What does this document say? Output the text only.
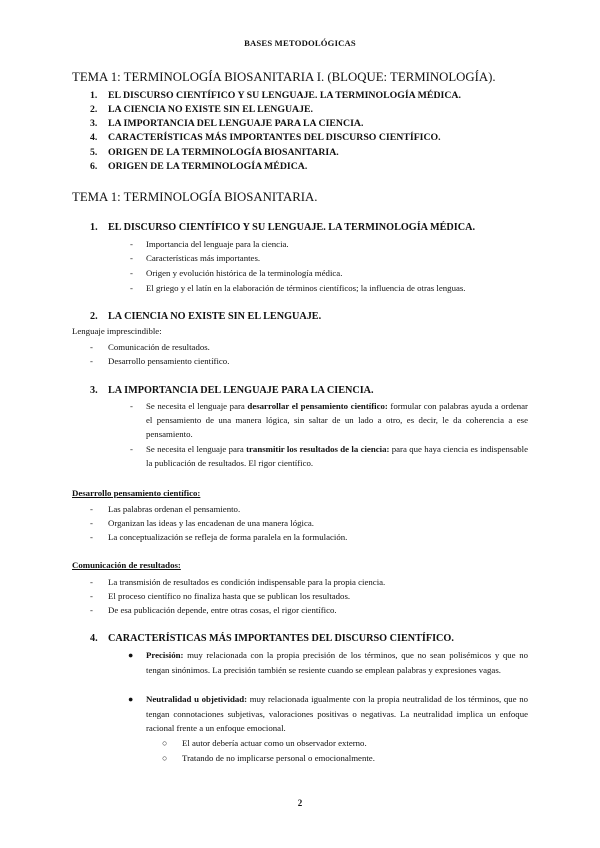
BASES METODOLÓGICAS
TEMA 1: TERMINOLOGÍA BIOSANITARIA I. (BLOQUE: TERMINOLOGÍA).
1. EL DISCURSO CIENTÍFICO Y SU LENGUAJE. LA TERMINOLOGÍA MÉDICA.
2. LA CIENCIA NO EXISTE SIN EL LENGUAJE.
3. LA IMPORTANCIA DEL LENGUAJE PARA LA CIENCIA.
4. CARACTERÍSTICAS MÁS IMPORTANTES DEL DISCURSO CIENTÍFICO.
5. ORIGEN DE LA TERMINOLOGÍA BIOSANITARIA.
6. ORIGEN DE LA TERMINOLOGÍA MÉDICA.
TEMA 1: TERMINOLOGÍA BIOSANITARIA.
1. EL DISCURSO CIENTÍFICO Y SU LENGUAJE. LA TERMINOLOGÍA MÉDICA.
-	Importancia del lenguaje para la ciencia.
-	Características más importantes.
-	Origen y evolución histórica de la terminología médica.
-	El griego y el latín en la elaboración de términos científicos; la influencia de otras lenguas.
2. LA CIENCIA NO EXISTE SIN EL LENGUAJE.
Lenguaje imprescindible:
-	Comunicación de resultados.
-	Desarrollo pensamiento científico.
3. LA IMPORTANCIA DEL LENGUAJE PARA LA CIENCIA.
-	Se necesita el lenguaje para desarrollar el pensamiento científico: formular con palabras ayuda a ordenar el pensamiento de una manera lógica, sin saltar de un lado a otro, es decir, le da coherencia a ese pensamiento.
-	Se necesita el lenguaje para transmitir los resultados de la ciencia: para que haya ciencia es indispensable la publicación de resultados. El rigor científico.
Desarrollo pensamiento científico:
-	Las palabras ordenan el pensamiento.
-	Organizan las ideas y las encadenan de una manera lógica.
-	La conceptualización se refleja de forma paralela en la formulación.
Comunicación de resultados:
-	La transmisión de resultados es condición indispensable para la propia ciencia.
-	El proceso científico no finaliza hasta que se publican los resultados.
-	De esa publicación depende, entre otras cosas, el rigor científico.
4. CARACTERÍSTICAS MÁS IMPORTANTES DEL DISCURSO CIENTÍFICO.
●	Precisión: muy relacionada con la propia precisión de los términos, que no sean polisémicos y que no tengan sinónimos. La precisión también se resiente cuando se emplean palabras y expresiones vagas.
●	Neutralidad u objetividad: muy relacionada igualmente con la propia neutralidad de los términos, que no tengan connotaciones subjetivas, valoraciones positivas o negativas. La neutralidad implica un enfoque racional frente a un enfoque emocional.
○ El autor debería actuar como un observador externo.
○ Tratando de no implicarse personal o emocionalmente.
2
